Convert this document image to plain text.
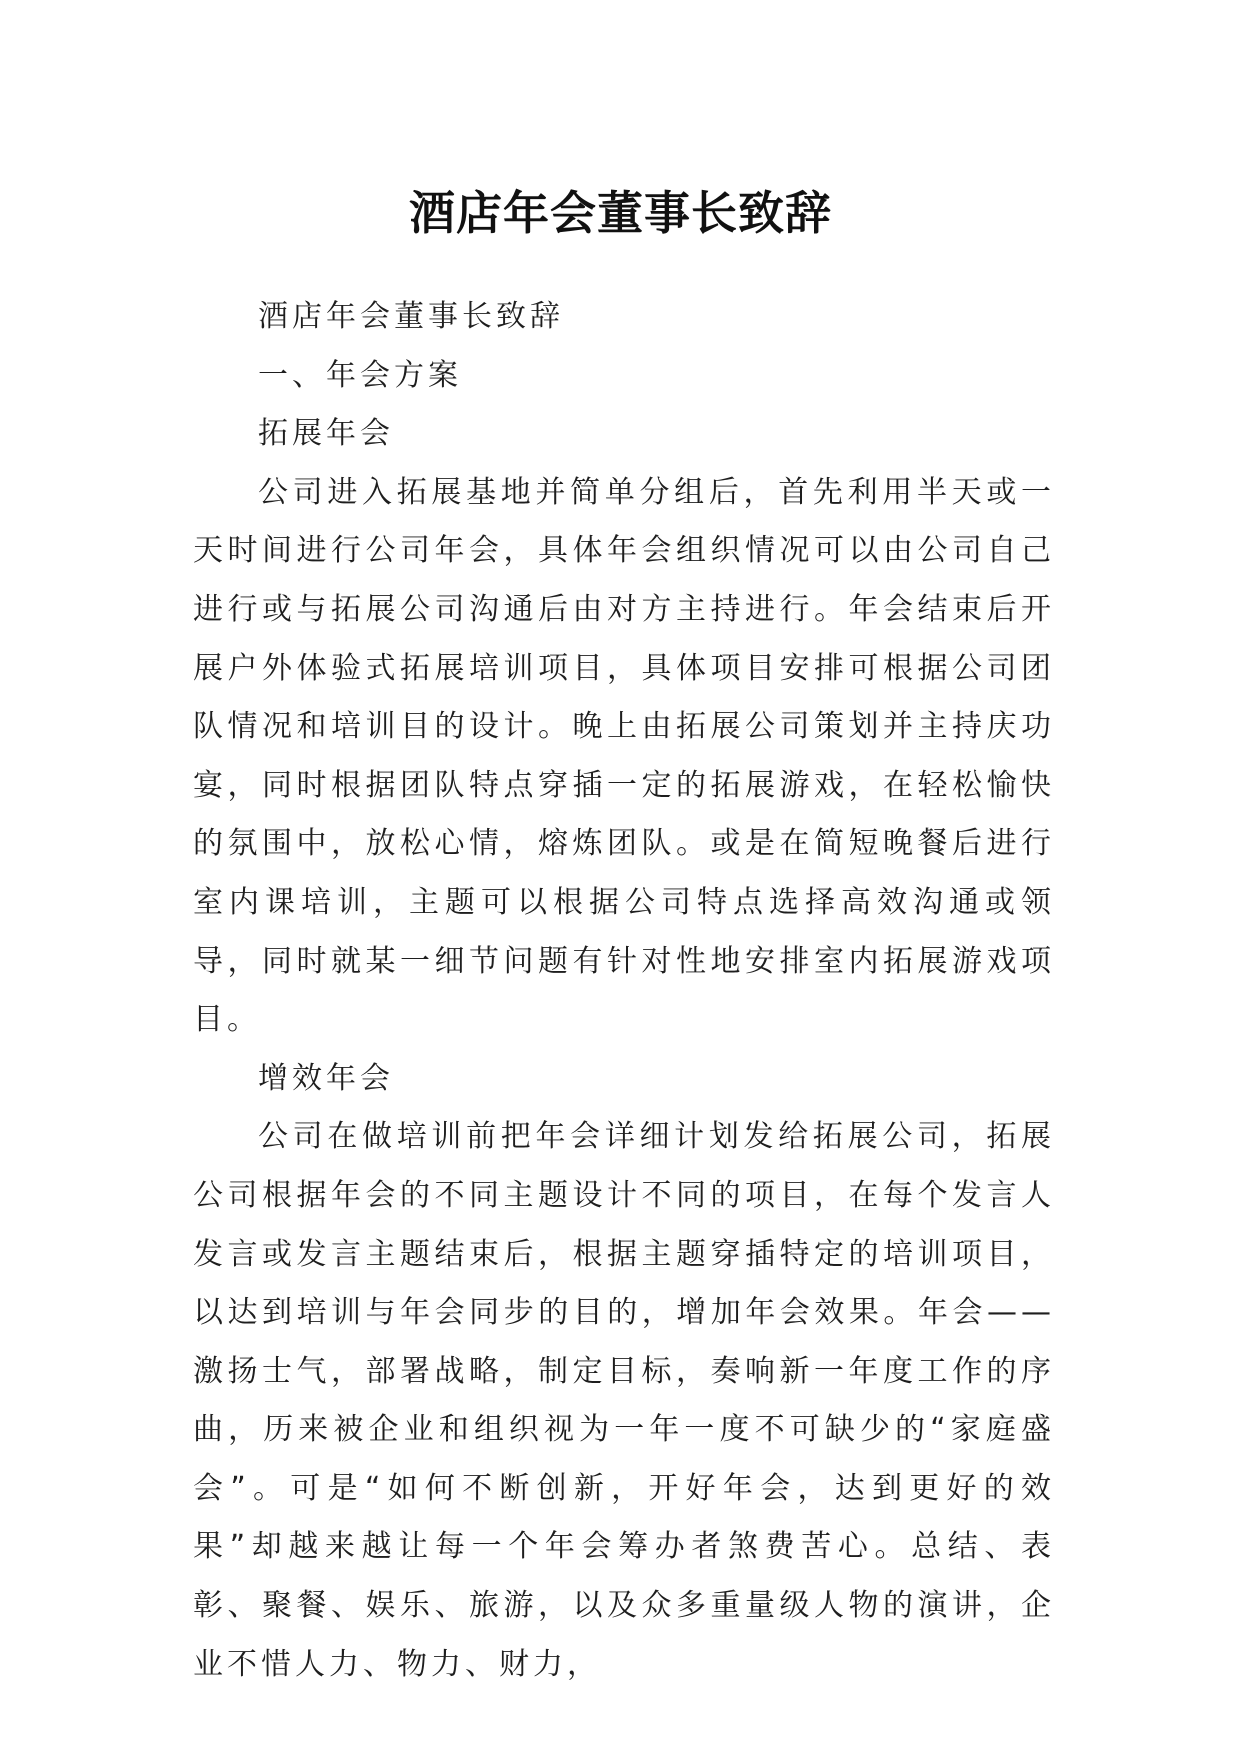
酒店年会董事长致辞

酒店年会董事长致辞

一、年会方案

拓展年会

公司进入拓展基地并简单分组后，首先利用半天或一天时间进行公司年会，具体年会组织情况可以由公司自己进行或与拓展公司沟通后由对方主持进行。年会结束后开展户外体验式拓展培训项目，具体项目安排可根据公司团队情况和培训目的设计。晚上由拓展公司策划并主持庆功宴，同时根据团队特点穿插一定的拓展游戏，在轻松愉快的氛围中，放松心情，熔炼团队。或是在简短晚餐后进行室内课培训，主题可以根据公司特点选择高效沟通或领导，同时就某一细节问题有针对性地安排室内拓展游戏项目。

增效年会

公司在做培训前把年会详细计划发给拓展公司，拓展公司根据年会的不同主题设计不同的项目，在每个发言人发言或发言主题结束后，根据主题穿插特定的培训项目，以达到培训与年会同步的目的，增加年会效果。年会——激扬士气，部署战略，制定目标，奏响新一年度工作的序曲，历来被企业和组织视为一年一度不可缺少的“家庭盛会”。可是“如何不断创新，开好年会，达到更好的效果”却越来越让每一个年会筹办者煞费苦心。总结、表彰、聚餐、娱乐、旅游，以及众多重量级人物的演讲，企业不惜人力、物力、财力，
